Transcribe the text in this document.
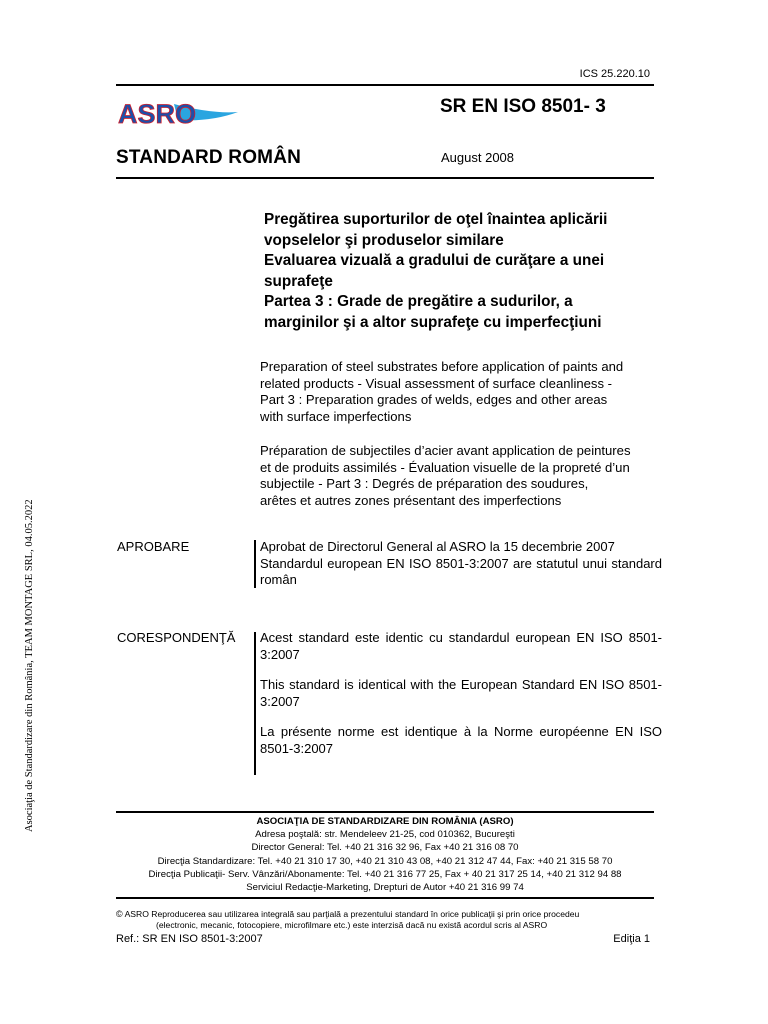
ICS 25.220.10
ASRO	SR EN ISO 8501- 3
STANDARD ROMÂN	August 2008
Pregătirea suporturilor de oţel înaintea aplicării
vopselelor şi produselor similare
Evaluarea vizuală a gradului de curăţare a unei
suprafeţe
Partea 3 : Grade de pregătire a sudurilor, a
marginilor şi a altor suprafeţe cu imperfecţiuni
Preparation of steel substrates before application of paints and
related products - Visual assessment of surface cleanliness -
Part 3 : Preparation grades of welds, edges and other areas
with surface imperfections
Préparation de subjectiles d’acier avant application de peintures
et de produits assimilés - Évaluation visuelle de la propreté d’un
subjectile - Part 3 : Degrés de préparation des soudures,
arêtes et autres zones présentant des imperfections
APROBARE	Aprobat de Directorul General al ASRO la 15 decembrie 2007
Standardul european EN ISO 8501-3:2007 are statutul unui standard român
CORESPONDENŢĂ Acest standard este identic cu standardul european EN ISO 8501-3:2007

This standard is identical with the European Standard EN ISO 8501-3:2007

La présente norme est identique à la Norme européenne EN ISO 8501-3:2007

ASOCIAŢIA DE STANDARDIZARE DIN ROMÂNIA (ASRO)
Adresa poştală: str. Mendeleev 21-25, cod 010362, Bucureşti
Director General: Tel. +40 21 316 32 96, Fax +40 21 316 08 70
Direcţia Standardizare: Tel. +40 21 310 17 30, +40 21 310 43 08, +40 21 312 47 44, Fax: +40 21 315 58 70
Direcţia Publicaţii- Serv. Vânzări/Abonamente: Tel. +40 21 316 77 25, Fax + 40 21 317 25 14, +40 21 312 94 88
Serviciul Redacţie-Marketing, Drepturi de Autor +40 21 316 99 74
© ASRO Reproducerea sau utilizarea integrală sau parţială a prezentului standard în orice publicaţii şi prin orice procedeu
(electronic, mecanic, fotocopiere, microfilmare etc.) este interzisă dacă nu există acordul scris al ASRO
Ref.: SR EN ISO 8501-3:2007	Ediţia 1
Asociaţia de Standardizare din România, TEAM MONTAGE SRL, 04.05.2022
